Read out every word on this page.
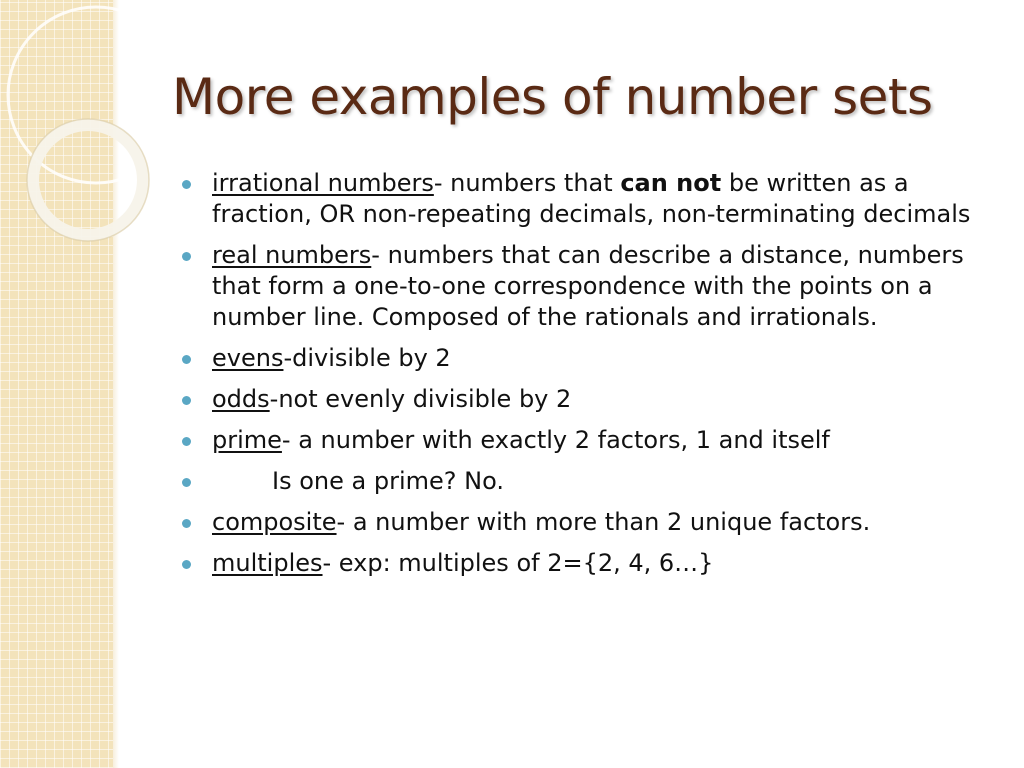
More examples of number sets
irrational numbers- numbers that can not be written as a fraction, OR non-repeating decimals, non-terminating decimals
real numbers- numbers that can describe a distance, numbers that form a one-to-one correspondence with the points on a number line. Composed of the rationals and irrationals.
evens-divisible by 2
odds-not evenly divisible by 2
prime- a number with exactly 2 factors, 1 and itself
Is one a prime? No.
composite- a number with more than 2 unique factors.
multiples- exp: multiples of 2={2, 4, 6…}
